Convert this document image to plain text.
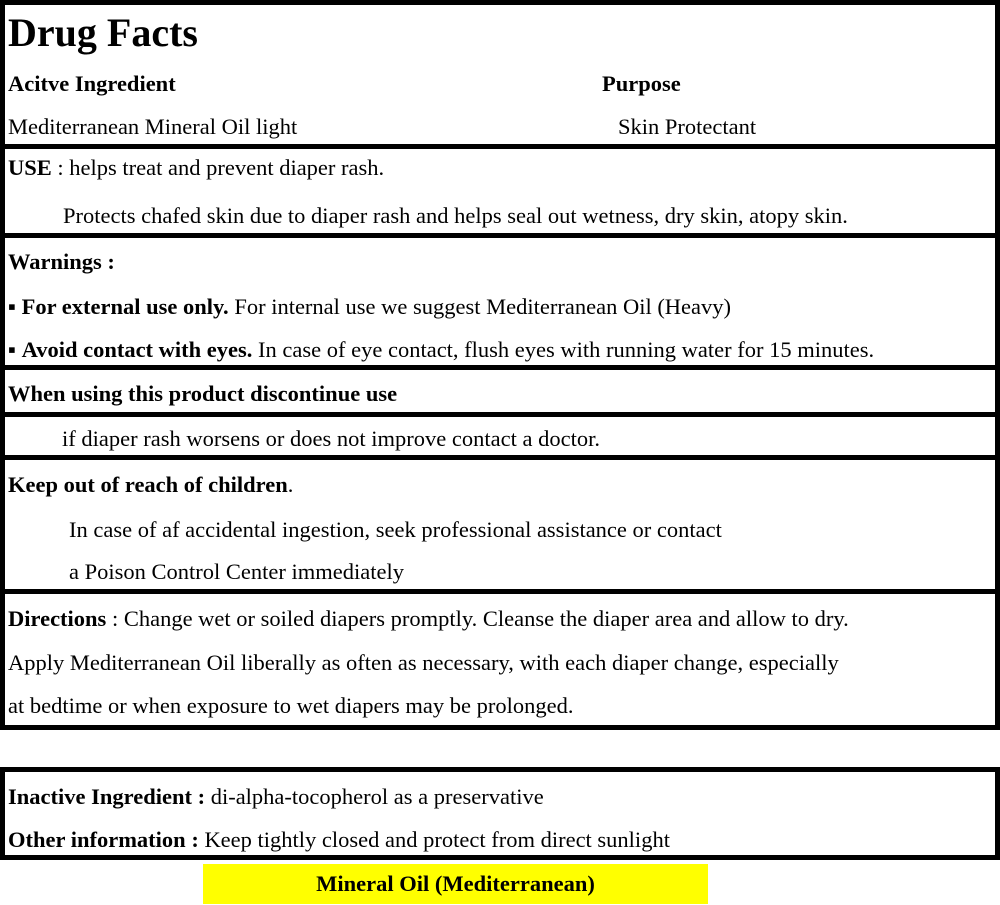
Drug Facts
Acitve Ingredient	Purpose
Mediterranean Mineral Oil light	Skin Protectant
USE : helps treat and prevent diaper rash.
Protects chafed skin due to diaper rash and helps seal out wetness, dry skin, atopy skin.
Warnings :
▪ For external use only. For internal use we suggest Mediterranean Oil (Heavy)
▪ Avoid contact with eyes. In case of eye contact, flush eyes with running water for 15 minutes.
When using this product discontinue use
if diaper rash worsens or does not improve contact a doctor.
Keep out of reach of children.
In case of af accidental ingestion, seek professional assistance or contact
a Poison Control Center immediately
Directions : Change wet or soiled diapers promptly. Cleanse the diaper area and allow to dry.
Apply Mediterranean Oil liberally as often as necessary, with each diaper change, especially
at bedtime or when exposure to wet diapers may be prolonged.
Inactive Ingredient : di-alpha-tocopherol as a preservative
Other information : Keep tightly closed and protect from direct sunlight
Mineral Oil (Mediterranean)
